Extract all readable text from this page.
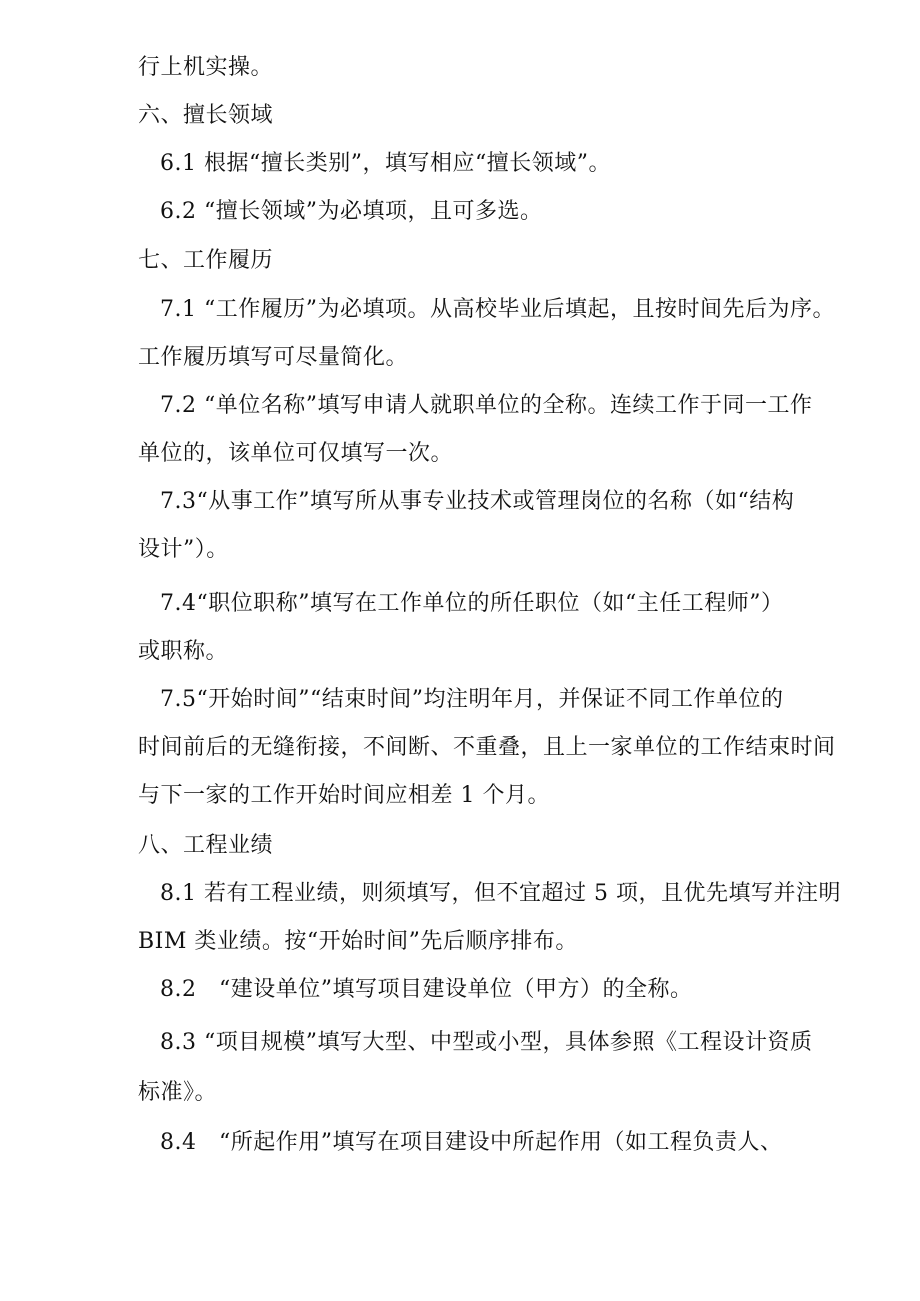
行上机实操。
六、擅长领域
6.1 根据“擅长类别”，填写相应“擅长领域”。
6.2 “擅长领域”为必填项，且可多选。
七、工作履历
7.1 “工作履历”为必填项。从高校毕业后填起，且按时间先后为序。
工作履历填写可尽量简化。
7.2 “单位名称”填写申请人就职单位的全称。连续工作于同一工作
单位的，该单位可仅填写一次。
7.3“从事工作”填写所从事专业技术或管理岗位的名称（如“结构
设计”）。
7.4“职位职称”填写在工作单位的所任职位（如“主任工程师”）
或职称。
7.5“开始时间”“结束时间”均注明年月，并保证不同工作单位的
时间前后的无缝衔接，不间断、不重叠，且上一家单位的工作结束时间
与下一家的工作开始时间应相差 1 个月。
八、工程业绩
8.1 若有工程业绩，则须填写，但不宜超过 5 项，且优先填写并注明
BIM 类业绩。按“开始时间”先后顺序排布。
8.2　“建设单位”填写项目建设单位（甲方）的全称。
8.3 “项目规模”填写大型、中型或小型，具体参照《工程设计资质
标准》。
8.4　“所起作用”填写在项目建设中所起作用（如工程负责人、
